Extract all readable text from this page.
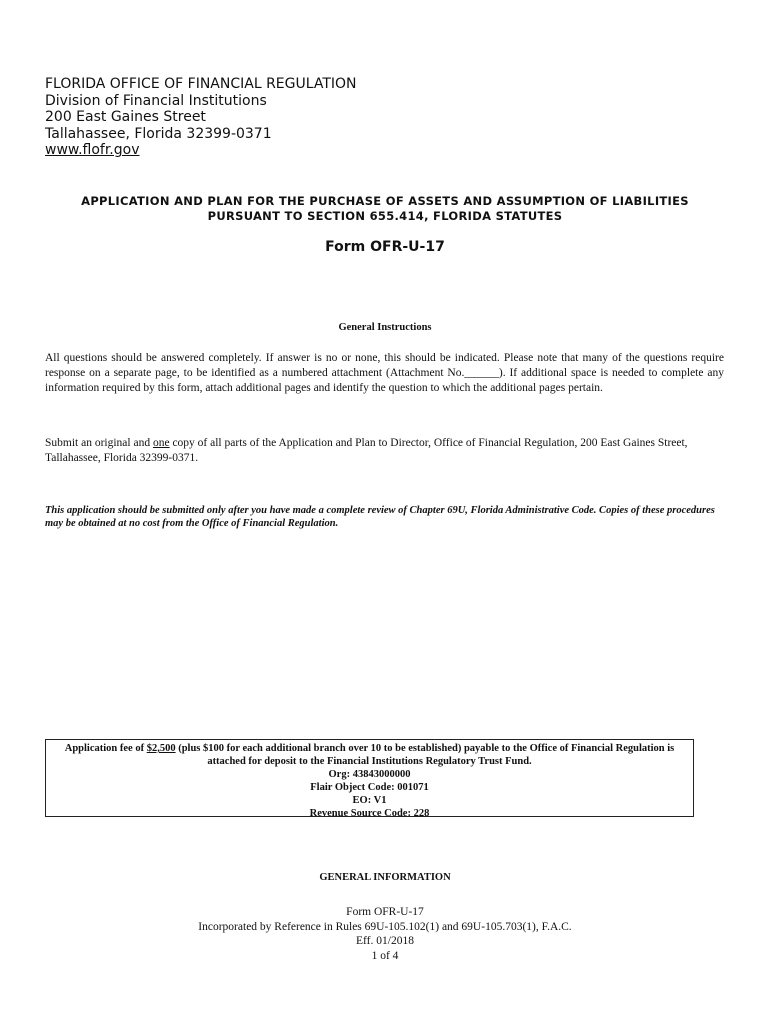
FLORIDA OFFICE OF FINANCIAL REGULATION
Division of Financial Institutions
200 East Gaines Street
Tallahassee, Florida 32399-0371
www.flofr.gov
APPLICATION AND PLAN FOR THE PURCHASE OF ASSETS AND ASSUMPTION OF LIABILITIES
PURSUANT TO SECTION 655.414, FLORIDA STATUTES
Form OFR-U-17
General Instructions
All questions should be answered completely. If answer is no or none, this should be indicated. Please note that many of the questions require response on a separate page, to be identified as a numbered attachment (Attachment No.______). If additional space is needed to complete any information required by this form, attach additional pages and identify the question to which the additional pages pertain.
Submit an original and one copy of all parts of the Application and Plan to Director, Office of Financial Regulation, 200 East Gaines Street, Tallahassee, Florida 32399-0371.
This application should be submitted only after you have made a complete review of Chapter 69U, Florida Administrative Code. Copies of these procedures may be obtained at no cost from the Office of Financial Regulation.
Application fee of $2,500 (plus $100 for each additional branch over 10 to be established) payable to the Office of Financial Regulation is attached for deposit to the Financial Institutions Regulatory Trust Fund.
Org: 43843000000
Flair Object Code: 001071
EO: V1
Revenue Source Code: 228
GENERAL INFORMATION
Form OFR-U-17
Incorporated by Reference in Rules 69U-105.102(1) and 69U-105.703(1), F.A.C.
Eff. 01/2018
1 of 4
